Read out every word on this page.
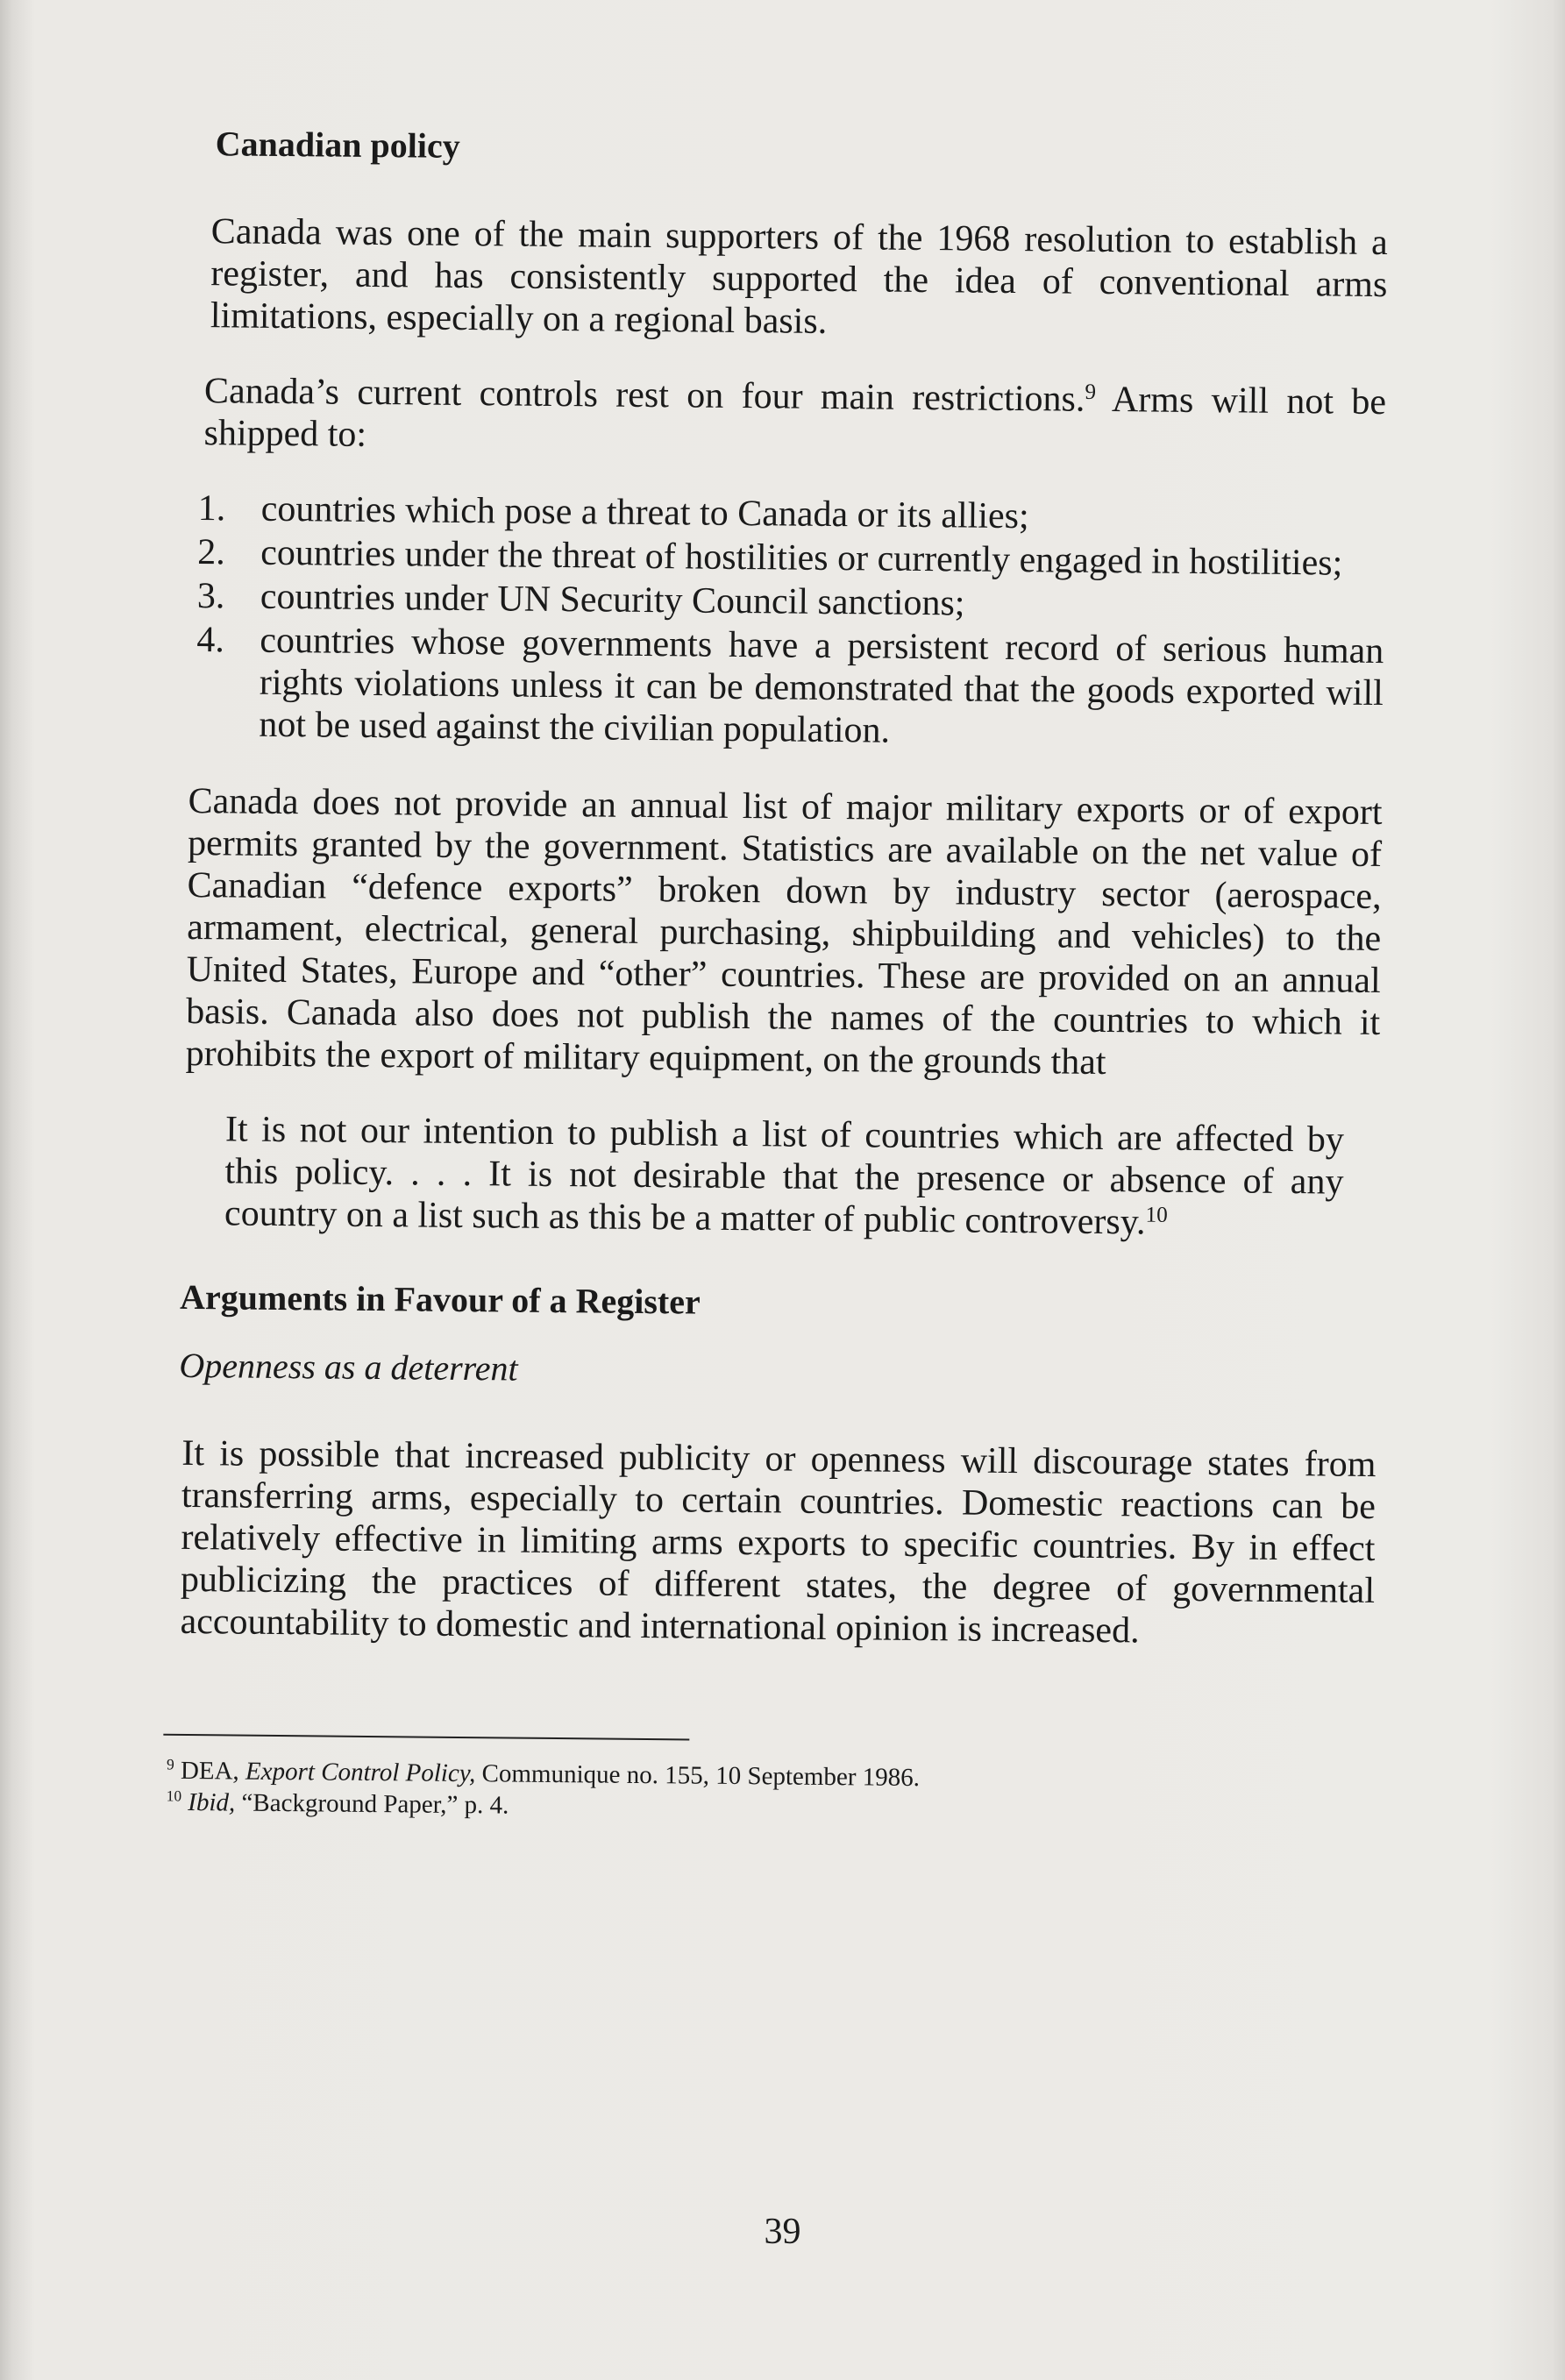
Canadian policy

Canada was one of the main supporters of the 1968 resolution to establish a register, and has consistently supported the idea of conventional arms limitations, especially on a regional basis.

Canada’s current controls rest on four main restrictions.$^9$ Arms will not be shipped to:

1. countries which pose a threat to Canada or its allies;
2. countries under the threat of hostilities or currently engaged in hostilities;
3. countries under UN Security Council sanctions;
4. countries whose governments have a persistent record of serious human rights violations unless it can be demonstrated that the goods exported will not be used against the civilian population.

Canada does not provide an annual list of major military exports or of export permits granted by the government. Statistics are available on the net value of Canadian “defence exports” broken down by industry sector (aerospace, armament, electrical, general purchasing, shipbuilding and vehicles) to the United States, Europe and “other” countries. These are provided on an annual basis. Canada also does not publish the names of the countries to which it prohibits the export of military equipment, on the grounds that

It is not our intention to publish a list of countries which are affected by this policy. . . . It is not desirable that the presence or absence of any country on a list such as this be a matter of public controversy.$^{10}$

Arguments in Favour of a Register
Openness as a deterrent

It is possible that increased publicity or openness will discourage states from transferring arms, especially to certain countries. Domestic reactions can be relatively effective in limiting arms exports to specific countries. By in effect publicizing the practices of different states, the degree of governmental accountability to domestic and international opinion is increased.

$^9$ DEA, Export Control Policy, Communique no. 155, 10 September 1986.
$^{10}$ Ibid, “Background Paper,” p. 4.
39
